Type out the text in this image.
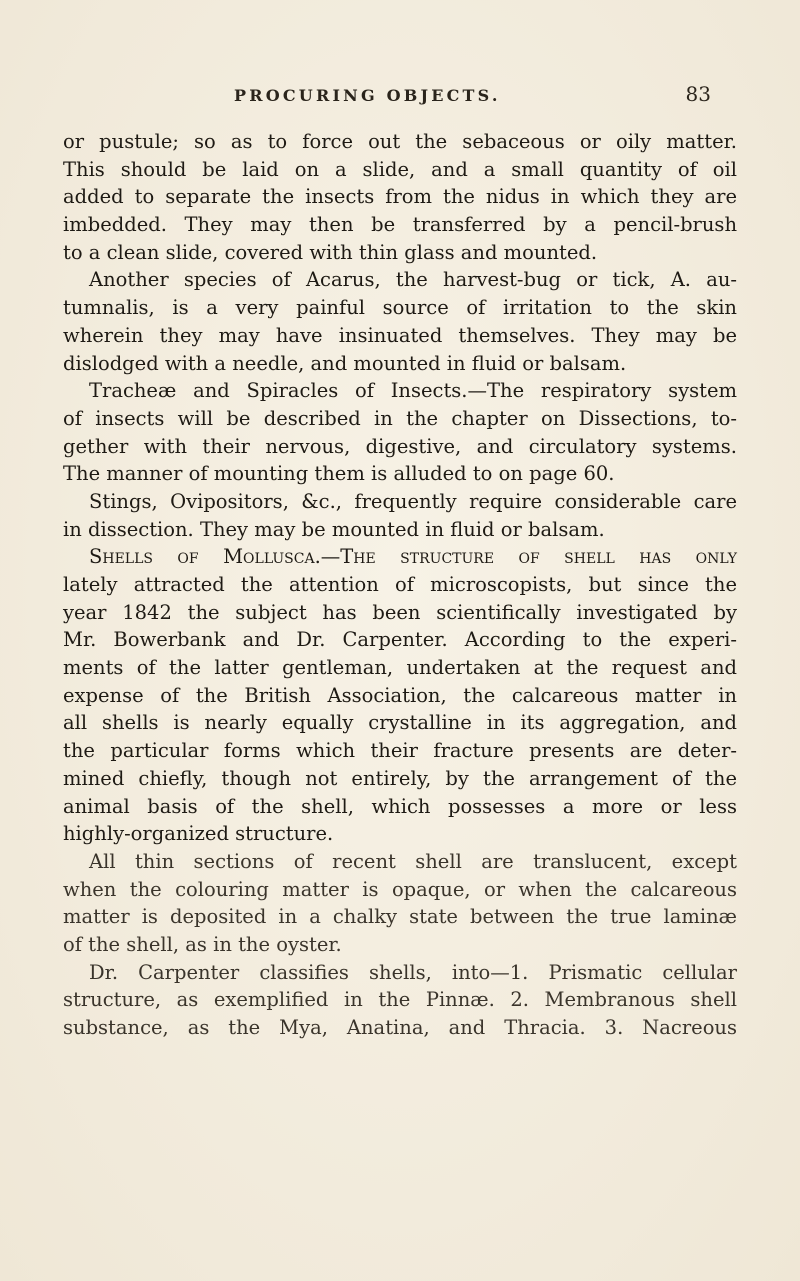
PROCURING OBJECTS.	83
or pustule; so as to force out the sebaceous or oily matter.
This should be laid on a slide, and a small quantity of oil
added to separate the insects from the nidus in which they are
imbedded. They may then be transferred by a pencil-brush
to a clean slide, covered with thin glass and mounted.
Another species of Acarus, the harvest-bug or tick, A. au-
tumnalis, is a very painful source of irritation to the skin
wherein they may have insinuated themselves. They may be
dislodged with a needle, and mounted in fluid or balsam.
Tracheæ and Spiracles of Insects.—The respiratory system
of insects will be described in the chapter on Dissections, to-
gether with their nervous, digestive, and circulatory systems.
The manner of mounting them is alluded to on page 60.
Stings, Ovipositors, &c., frequently require considerable care
in dissection. They may be mounted in fluid or balsam.
Shells of Mollusca.—The structure of shell has only
lately attracted the attention of microscopists, but since the
year 1842 the subject has been scientifically investigated by
Mr. Bowerbank and Dr. Carpenter. According to the experi-
ments of the latter gentleman, undertaken at the request and
expense of the British Association, the calcareous matter in
all shells is nearly equally crystalline in its aggregation, and
the particular forms which their fracture presents are deter-
mined chiefly, though not entirely, by the arrangement of the
animal basis of the shell, which possesses a more or less
highly-organized structure.
All thin sections of recent shell are translucent, except
when the colouring matter is opaque, or when the calcareous
matter is deposited in a chalky state between the true laminæ
of the shell, as in the oyster.
Dr. Carpenter classifies shells, into—1. Prismatic cellular
structure, as exemplified in the Pinnæ. 2. Membranous shell
substance, as the Mya, Anatina, and Thracia. 3. Nacreous
